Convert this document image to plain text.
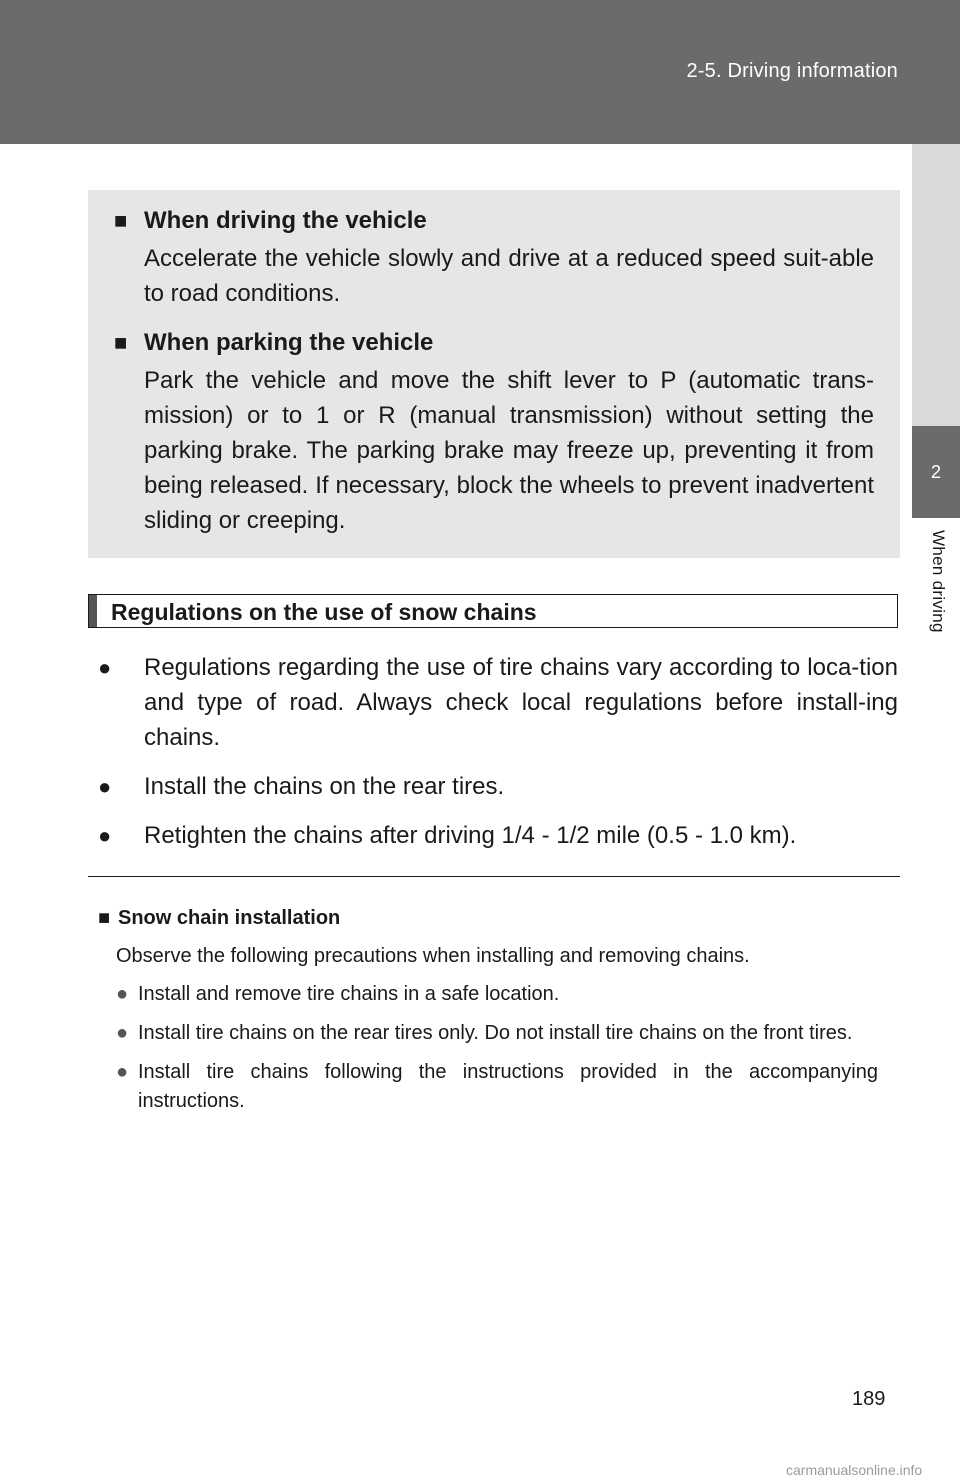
2-5. Driving information
2
When driving
■ When driving the vehicle
Accelerate the vehicle slowly and drive at a reduced speed suit-able to road conditions.
■ When parking the vehicle
Park the vehicle and move the shift lever to P (automatic trans-mission) or to 1 or R (manual transmission) without setting the parking brake. The parking brake may freeze up, preventing it from being released. If necessary, block the wheels to prevent inadvertent sliding or creeping.
Regulations on the use of snow chains
●	Regulations regarding the use of tire chains vary according to loca-tion and type of road. Always check local regulations before install-ing chains.
●	Install the chains on the rear tires.
●	Retighten the chains after driving 1/4 - 1/2 mile (0.5 - 1.0 km).
■ Snow chain installation
Observe the following precautions when installing and removing chains.
● Install and remove tire chains in a safe location.
● Install tire chains on the rear tires only. Do not install tire chains on the front tires.
● Install tire chains following the instructions provided in the accompanying instructions.
189
carmanualsonline.info
